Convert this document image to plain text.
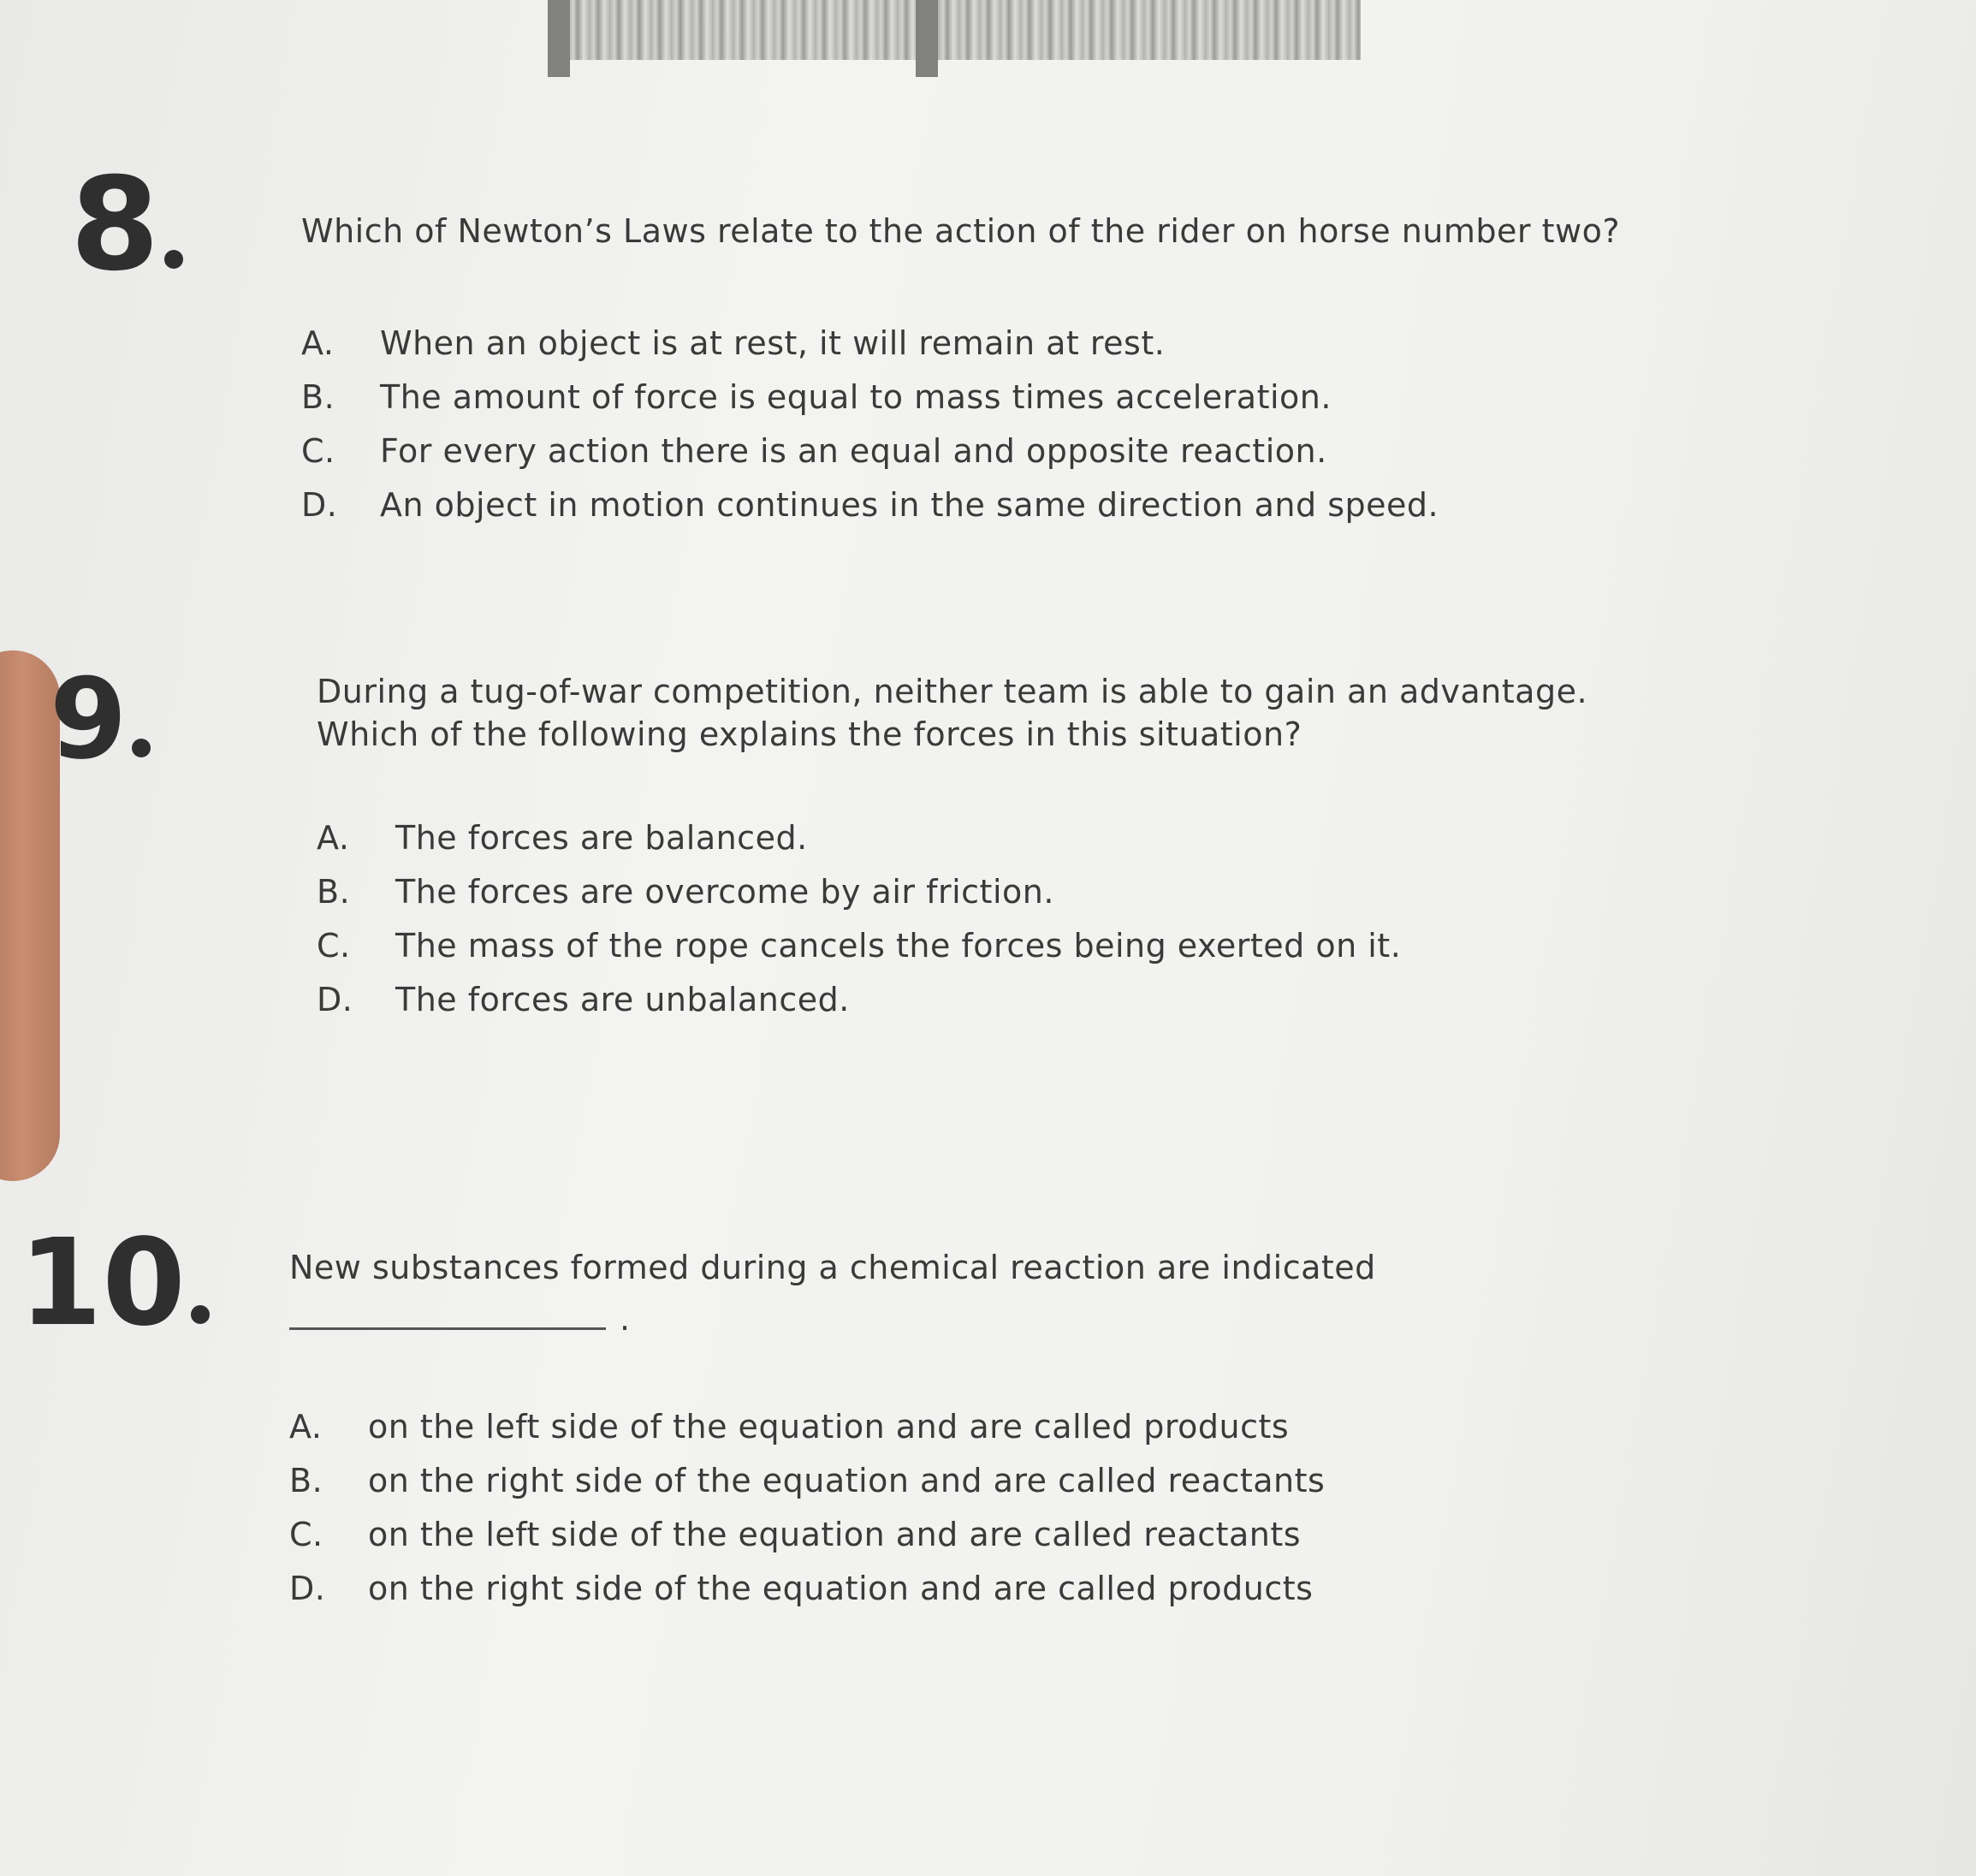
8	Which of Newton’s Laws relate to the action of the rider on horse number two?
A.	When an object is at rest, it will remain at rest.
B.	The amount of force is equal to mass times acceleration.
C.	For every action there is an equal and opposite reaction.
D.	An object in motion continues in the same direction and speed.
9	During a tug-of-war competition, neither team is able to gain an advantage.
Which of the following explains the forces in this situation?
A.	The forces are balanced.
B.	The forces are overcome by air friction.
C.	The mass of the rope cancels the forces being exerted on it.
D.	The forces are unbalanced.
10	New substances formed during a chemical reaction are indicated
.
A.	on the left side of the equation and are called products
B.	on the right side of the equation and are called reactants
C.	on the left side of the equation and are called reactants
D.	on the right side of the equation and are called products
